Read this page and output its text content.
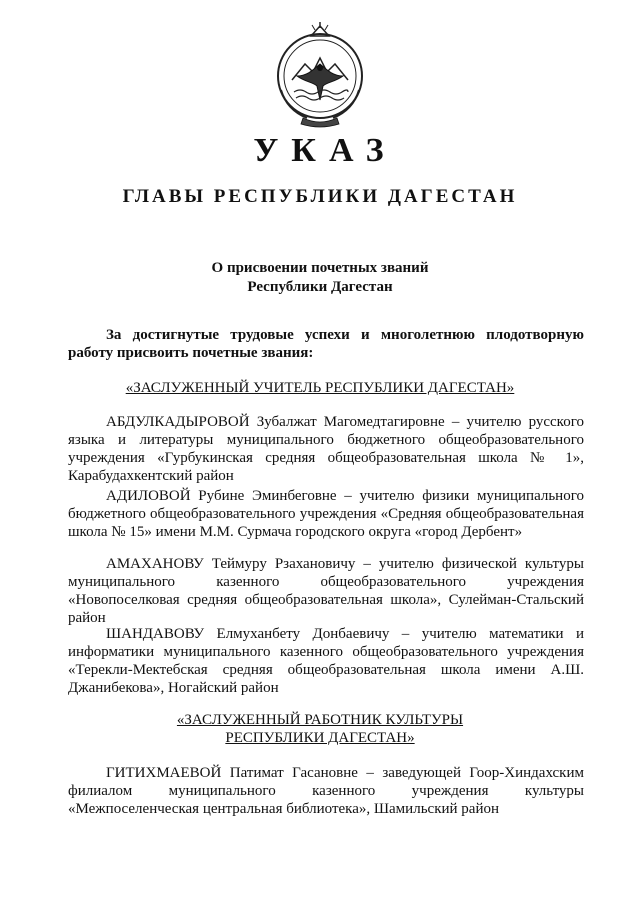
УКАЗ
ГЛАВЫ РЕСПУБЛИКИ ДАГЕСТАН
О присвоении почетных званий
Республики Дагестан
За достигнутые трудовые успехи и многолетнюю плодотворную работу присвоить почетные звания:
«ЗАСЛУЖЕННЫЙ УЧИТЕЛЬ РЕСПУБЛИКИ ДАГЕСТАН»
АБДУЛКАДЫРОВОЙ Зубалжат Магомедтагировне – учителю русского языка и литературы муниципального бюджетного общеобразовательного учреждения «Гурбукинская средняя общеобразовательная школа № 1», Карабудахкентский район
АДИЛОВОЙ Рубине Эминбеговне – учителю физики муниципального бюджетного общеобразовательного учреждения «Средняя общеобразовательная школа № 15» имени М.М. Сурмача городского округа «город Дербент»
АМАХАНОВУ Теймуру Рзахановичу – учителю физической культуры муниципального казенного общеобразовательного учреждения «Новопоселковая средняя общеобразовательная школа», Сулейман-Стальский район
ШАНДАВОВУ Елмуханбету Донбаевичу – учителю математики и информатики муниципального казенного общеобразовательного учреждения «Терекли-Мектебская средняя общеобразовательная школа имени А.Ш. Джанибекова», Ногайский район
«ЗАСЛУЖЕННЫЙ РАБОТНИК КУЛЬТУРЫ
РЕСПУБЛИКИ ДАГЕСТАН»
ГИТИХМАЕВОЙ Патимат Гасановне – заведующей Гоор-Хиндахским филиалом муниципального казенного учреждения культуры «Межпоселенческая центральная библиотека», Шамильский район
